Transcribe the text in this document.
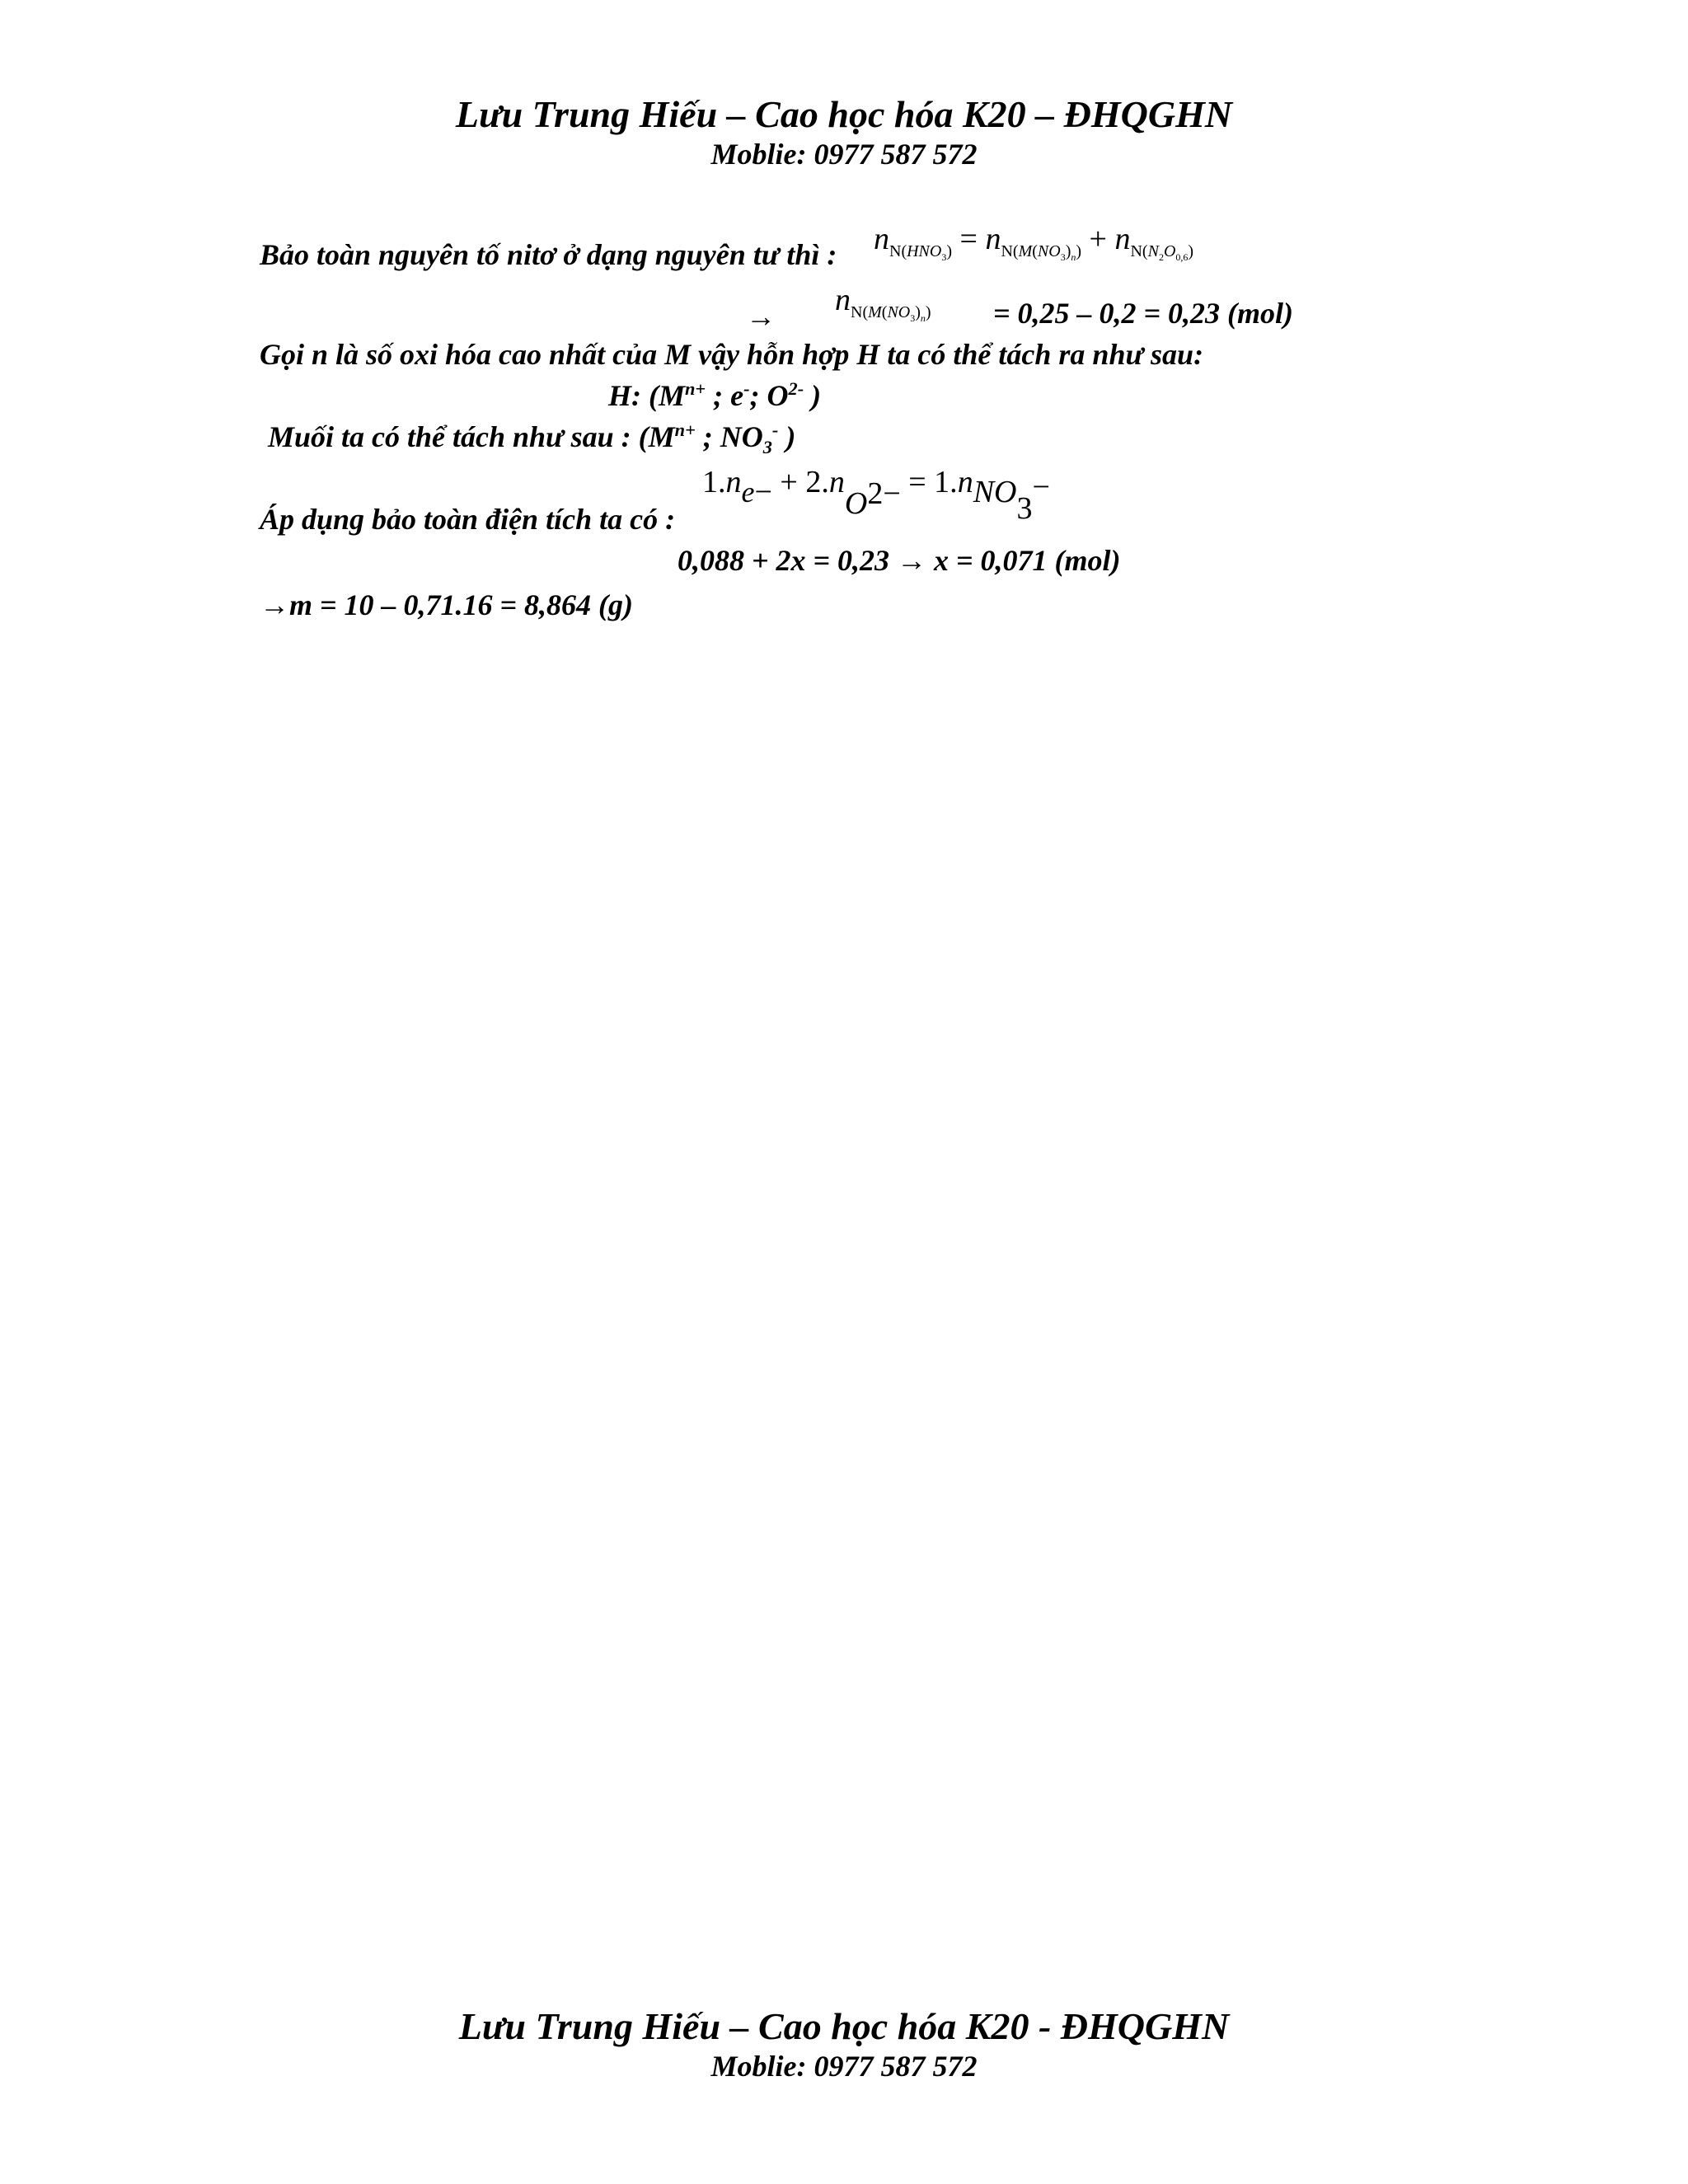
Lưu Trung Hiếu – Cao học hóa K20 – ĐHQGHN
Moblie: 0977 587 572
Bảo toàn nguyên tố nitơ ở dạng nguyên tư thì : $n_{N(HNO_3)} = n_{N(M(NO_3)_n)} + n_{N(N_2O_{0,6})}$
→ $n_{N(M(NO_3)_n)} = 0,25 - 0,2 = 0,23$ (mol)
Gọi n là số oxi hóa cao nhất của M vậy hỗn hợp H ta có thể tách ra như sau:
H: ($M^{n+}$ ; e-; $O^{2-}$ )
Muối ta có thể tách như sau : ($M^{n+}$ ; $NO_3^-$ )
1.ne− + 2.nO2− = 1.nNO3−
Áp dụng bảo toàn điện tích ta có :
0,088 + 2x = 0,23 → x = 0,071 (mol)
→m = 10 – 0,71.16 = 8,864 (g)
Lưu Trung Hiếu – Cao học hóa K20 - ĐHQGHN
Moblie: 0977 587 572
